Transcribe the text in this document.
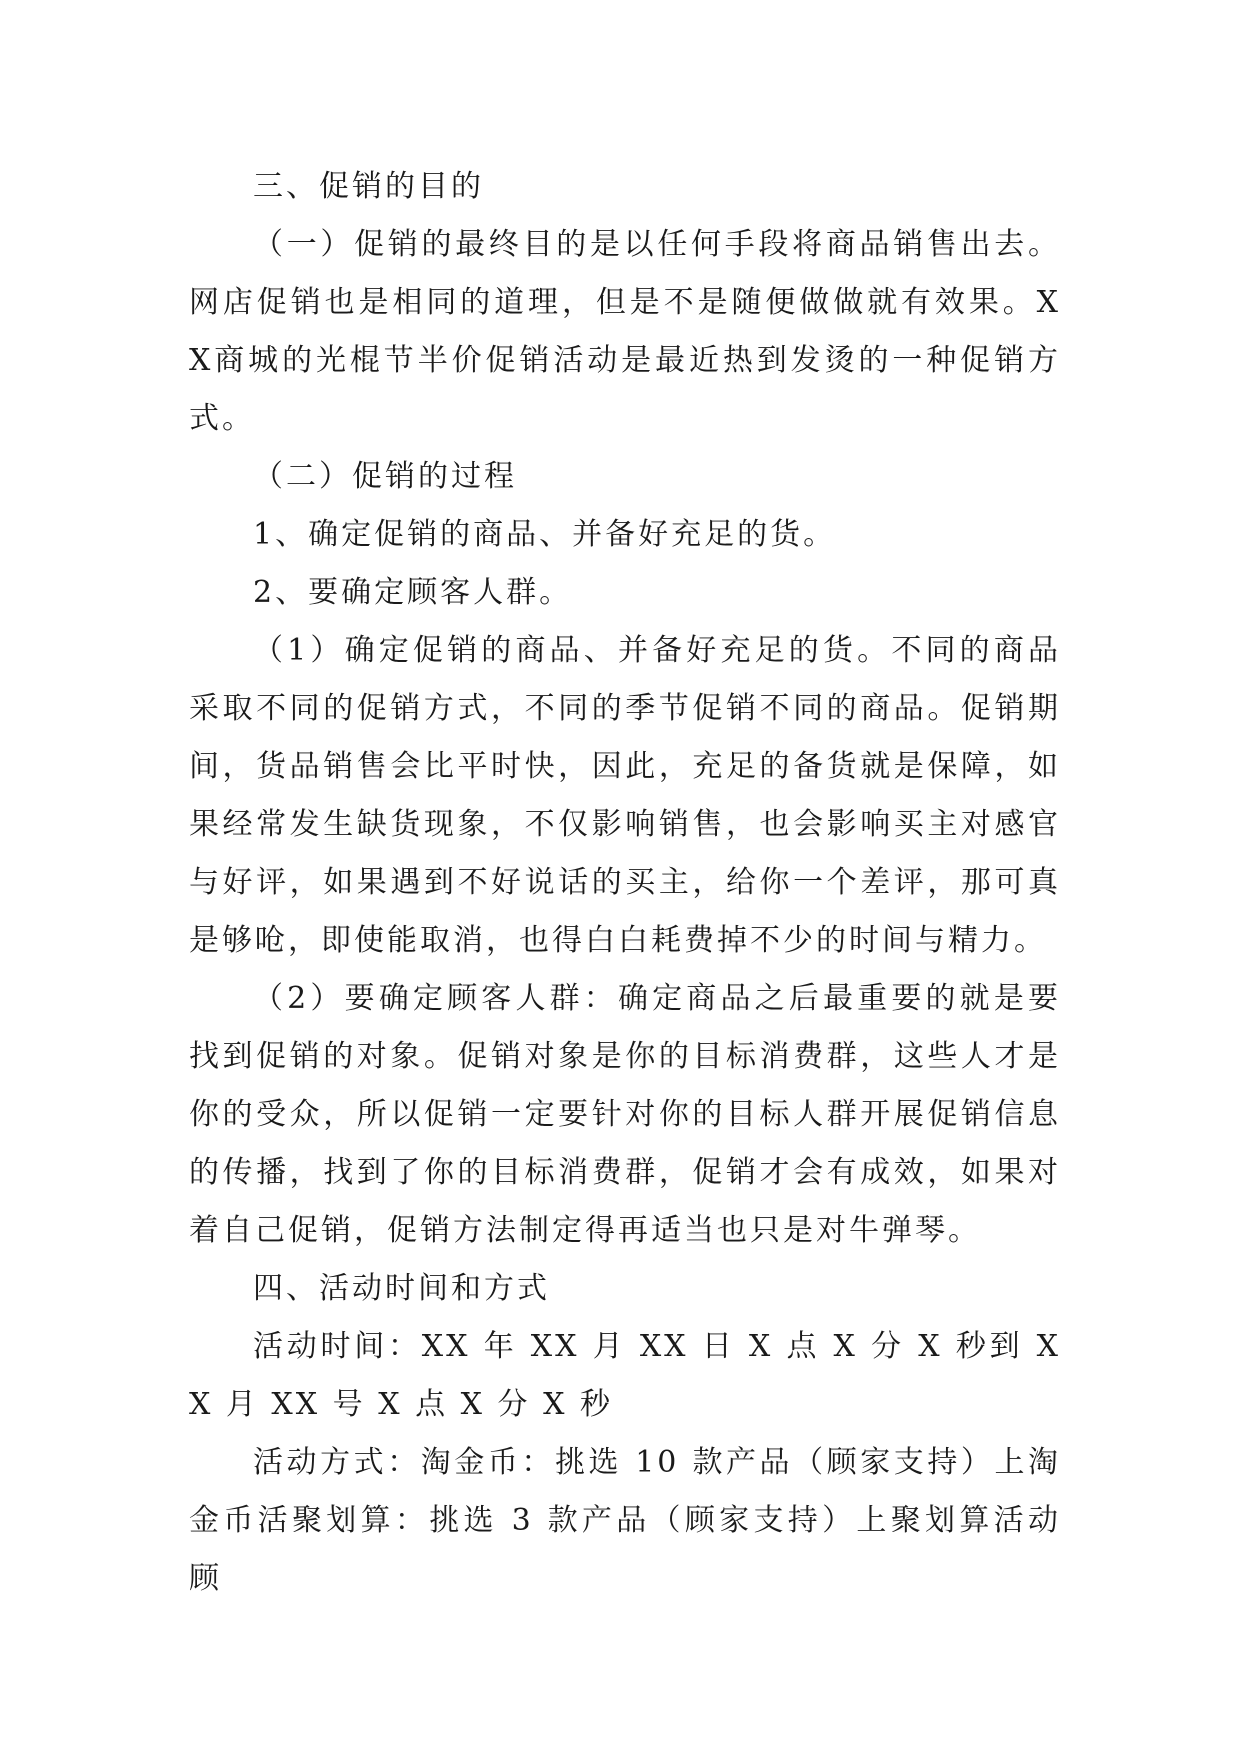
三、促销的目的

（一）促销的最终目的是以任何手段将商品销售出去。网店促销也是相同的道理，但是不是随便做做就有效果。XX商城的光棍节半价促销活动是最近热到发烫的一种促销方式。

（二）促销的过程

1、确定促销的商品、并备好充足的货。

2、要确定顾客人群。

（1）确定促销的商品、并备好充足的货。不同的商品采取不同的促销方式，不同的季节促销不同的商品。促销期间，货品销售会比平时快，因此，充足的备货就是保障，如果经常发生缺货现象，不仅影响销售，也会影响买主对感官与好评，如果遇到不好说话的买主，给你一个差评，那可真是够呛，即使能取消，也得白白耗费掉不少的时间与精力。

（2）要确定顾客人群：确定商品之后最重要的就是要找到促销的对象。促销对象是你的目标消费群，这些人才是你的受众，所以促销一定要针对你的目标人群开展促销信息的传播，找到了你的目标消费群，促销才会有成效，如果对着自己促销，促销方法制定得再适当也只是对牛弹琴。

四、活动时间和方式

活动时间：XX 年 XX 月 XX 日 X 点 X 分 X 秒到 XX 月 XX 号 X 点 X 分 X 秒

活动方式：淘金币：挑选 10 款产品（顾家支持）上淘金币活聚划算：挑选 3 款产品（顾家支持）上聚划算活动顾
